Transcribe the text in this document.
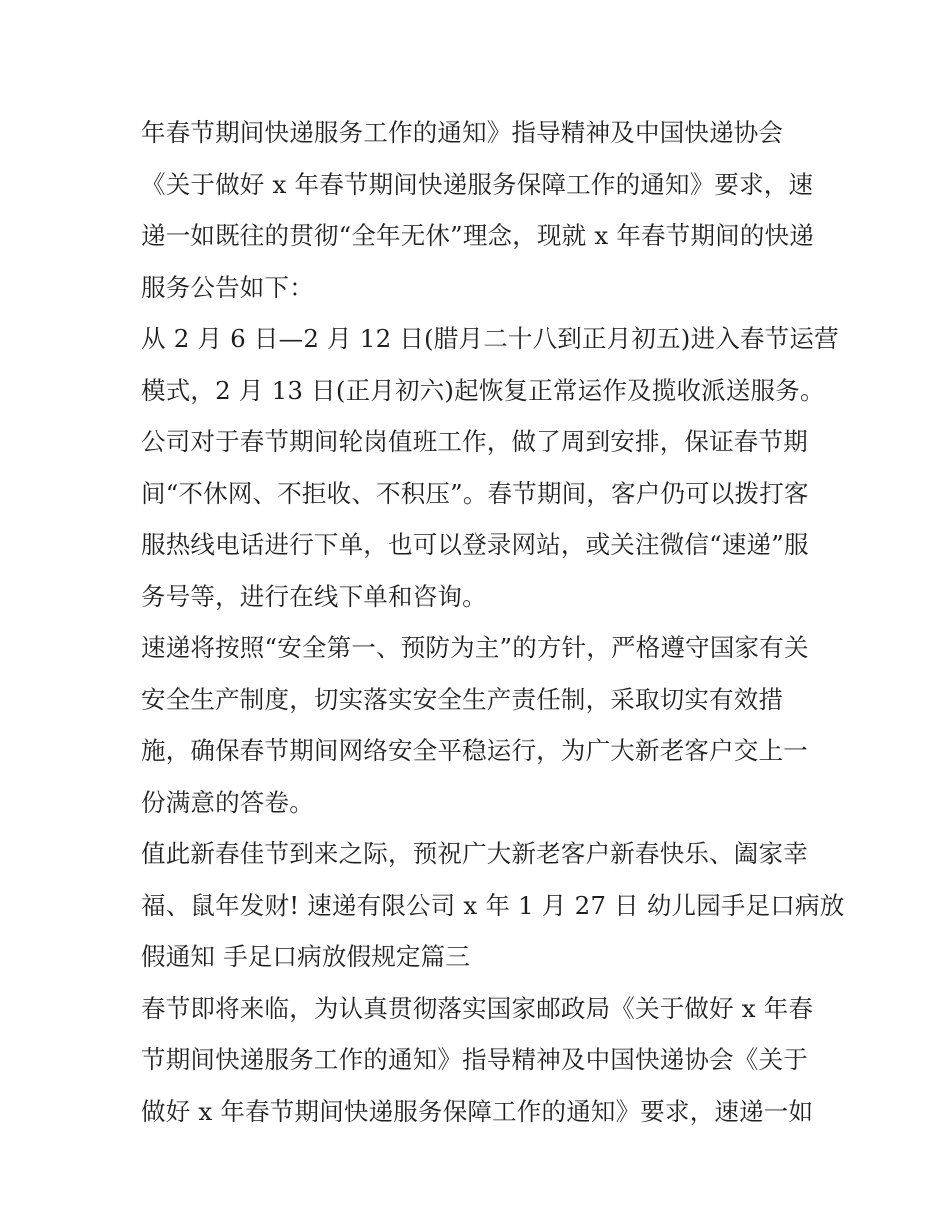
年春节期间快递服务工作的通知》指导精神及中国快递协会
《关于做好 x 年春节期间快递服务保障工作的通知》要求，速
递一如既往的贯彻“全年无休”理念，现就 x 年春节期间的快递
服务公告如下：
从 2 月 6 日—2 月 12 日(腊月二十八到正月初五)进入春节运营
模式，2 月 13 日(正月初六)起恢复正常运作及揽收派送服务。
公司对于春节期间轮岗值班工作，做了周到安排，保证春节期
间“不休网、不拒收、不积压”。春节期间，客户仍可以拨打客
服热线电话进行下单，也可以登录网站，或关注微信“速递”服
务号等，进行在线下单和咨询。
速递将按照“安全第一、预防为主”的方针，严格遵守国家有关
安全生产制度，切实落实安全生产责任制，采取切实有效措
施，确保春节期间网络安全平稳运行，为广大新老客户交上一
份满意的答卷。
值此新春佳节到来之际，预祝广大新老客户新春快乐、阖家幸
福、鼠年发财! 速递有限公司 x 年 1 月 27 日 幼儿园手足口病放
假通知 手足口病放假规定篇三
春节即将来临，为认真贯彻落实国家邮政局《关于做好 x 年春
节期间快递服务工作的通知》指导精神及中国快递协会《关于
做好 x 年春节期间快递服务保障工作的通知》要求，速递一如
